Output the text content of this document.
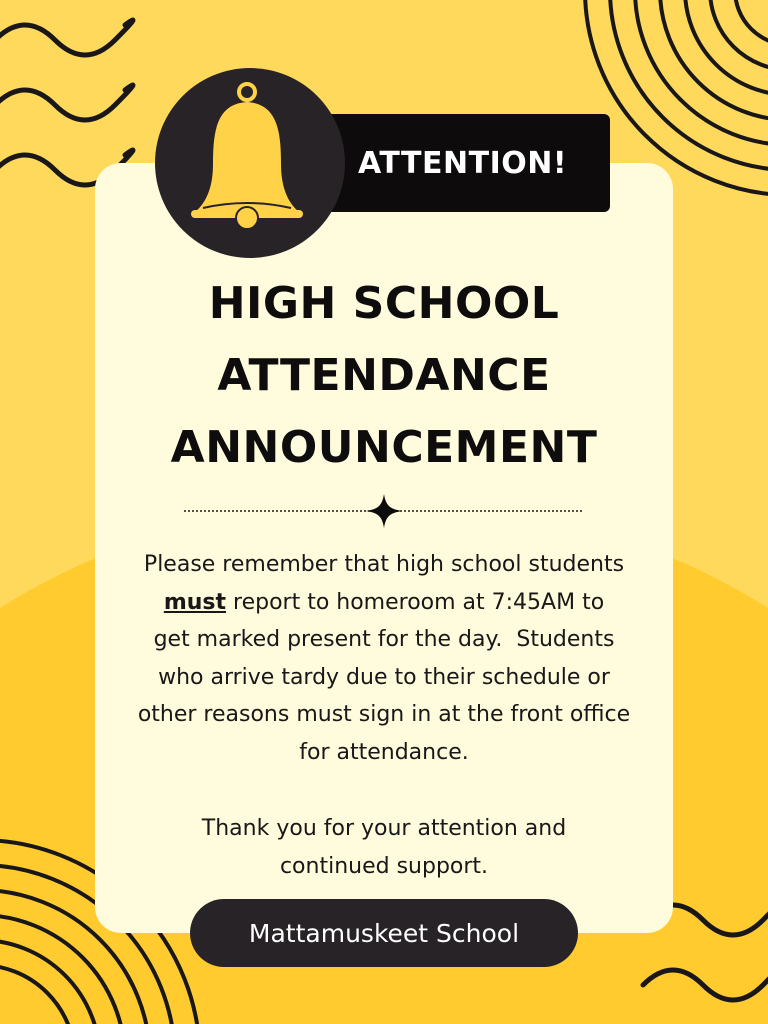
ATTENTION!
HIGH SCHOOL
ATTENDANCE
ANNOUNCEMENT

Please remember that high school students

must report to homeroom at 7:45AM to

get marked present for the day.  Students

who arrive tardy due to their schedule or

other reasons must sign in at the front office

for attendance.

Thank you for your attention and
continued support.
Mattamuskeet School
